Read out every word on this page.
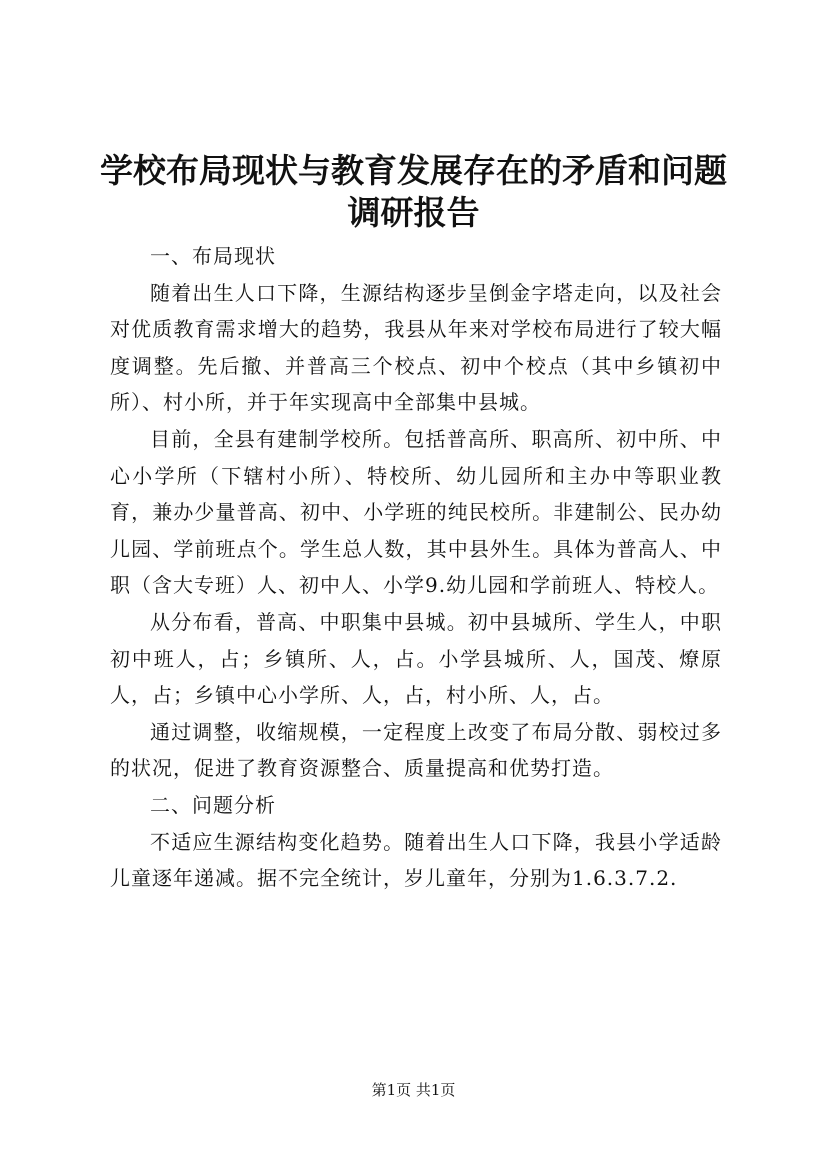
学校布局现状与教育发展存在的矛盾和问题调研报告

一、布局现状

随着出生人口下降，生源结构逐步呈倒金字塔走向，以及社会对优质教育需求增大的趋势，我县从年来对学校布局进行了较大幅度调整。先后撤、并普高三个校点、初中个校点（其中乡镇初中所）、村小所，并于年实现高中全部集中县城。

目前，全县有建制学校所。包括普高所、职高所、初中所、中心小学所（下辖村小所）、特校所、幼儿园所和主办中等职业教育，兼办少量普高、初中、小学班的纯民校所。非建制公、民办幼儿园、学前班点个。学生总人数，其中县外生。具体为普高人、中职（含大专班）人、初中人、小学9.幼儿园和学前班人、特校人。

从分布看，普高、中职集中县城。初中县城所、学生人，中职初中班人，占；乡镇所、人，占。小学县城所、人，国茂、燎原人，占；乡镇中心小学所、人，占，村小所、人，占。

通过调整，收缩规模，一定程度上改变了布局分散、弱校过多的状况，促进了教育资源整合、质量提高和优势打造。

二、问题分析

不适应生源结构变化趋势。随着出生人口下降，我县小学适龄儿童逐年递减。据不完全统计，岁儿童年，分别为1.6.3.7.2.

第1页 共1页
